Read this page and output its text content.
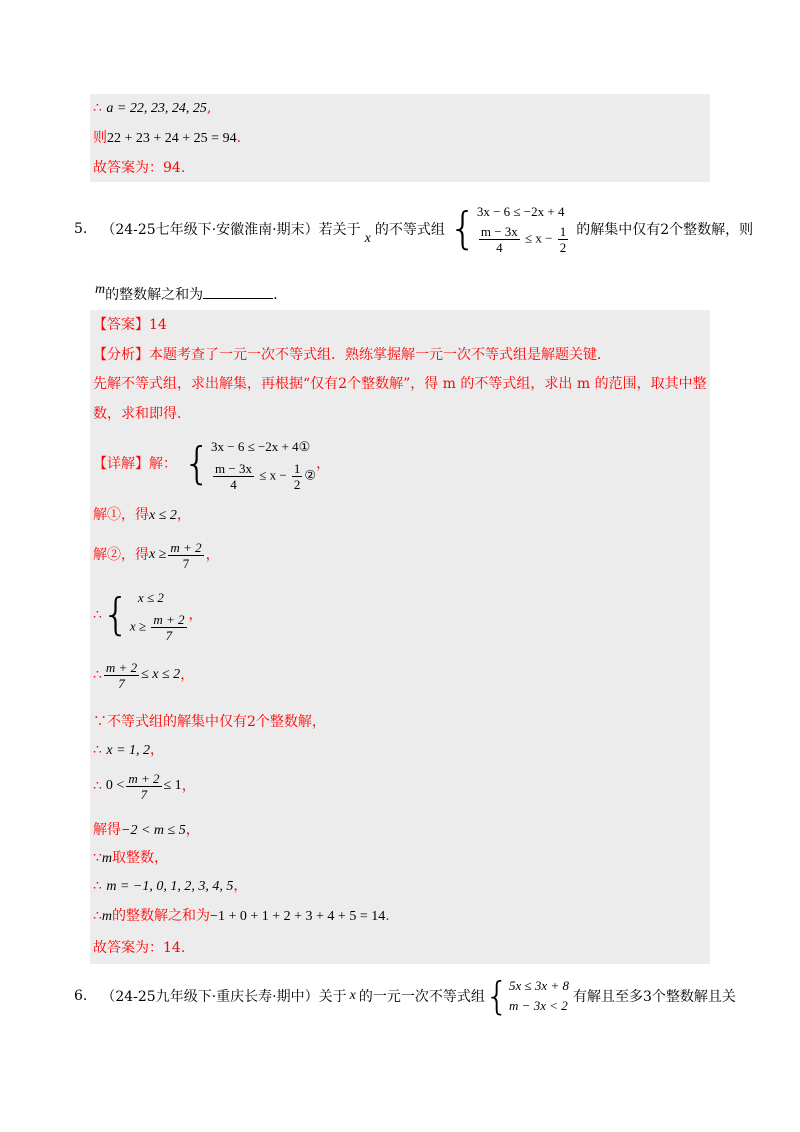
∴ a = 22, 23, 24, 25,
则22 + 23 + 24 + 25 = 94.
故答案为：94.
5. （24-25七年级下·安徽淮南·期末） 若关于
x
的不等式组 { 3x − 6 ≤ −2x + 4
$\frac{m - 3x}{4} \le x - \frac{1}{2}$ 的解集中仅有2个整数解，则
m的整数解之和为	.
【答案】14
【分析】本题考查了一元一次不等式组．熟练掌握解一元一次不等式组是解题关键．
先解不等式组，求出解集，再根据“仅有2个整数解”，得 m 的不等式组，求出 m 的范围，取其中整
数，求和即得．
【详解】 解： { 3x − 6 ≤ −2x + 4①
$\frac{m - 3x}{4} \le x - \frac{1}{2}$ ②
，
解①，得x ≤ 2，
解②，得 $x \ge \frac{m + 2}{7}$ ，
∴ { x ≤ 2
$x \ge \frac{m + 2}{7}$ ，
∴ $\frac{m + 2}{7} \le x \le 2$ ，
∵不等式组的解集中仅有2个整数解，
∴ x = 1, 2，
∴ $0 < \frac{m + 2}{7} \le 1$ ，
解得−2 < m ≤ 5，
∵m取整数，
∴ m = −1, 0, 1, 2, 3, 4, 5，
∴m的整数解之和为−1 + 0 + 1 + 2 + 3 + 4 + 5 = 14.
故答案为：14.
6. （24-25九年级下·重庆长寿·期中） 关于 x 的一元一次不等式组 { 5x ≤ 3x + 8
m − 3x < 2
有解且至多3个整数解且关
